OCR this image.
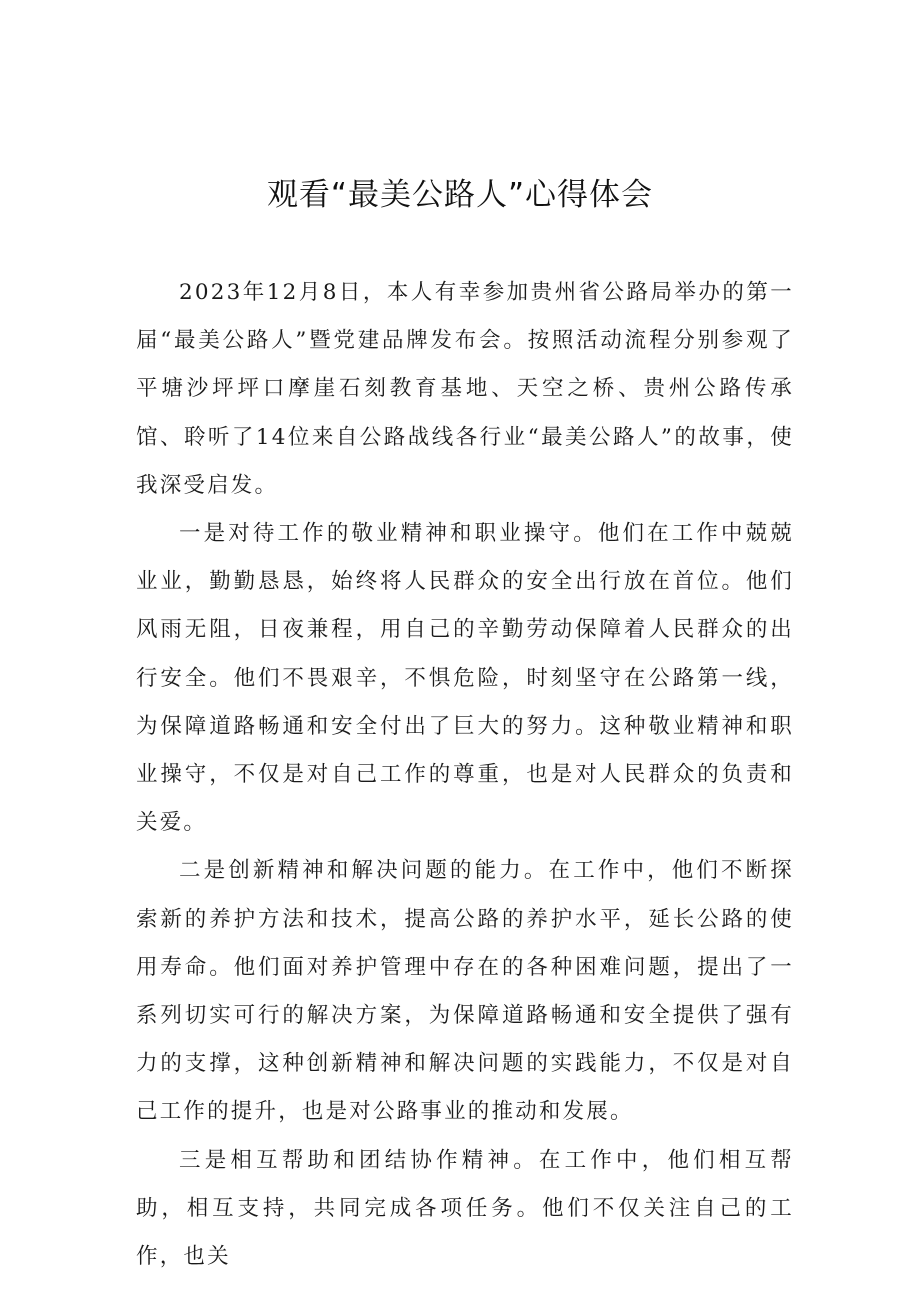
观看“最美公路人”心得体会

2023年12月8日，本人有幸参加贵州省公路局举办的第一届“最美公路人”暨党建品牌发布会。按照活动流程分别参观了平塘沙坪坪口摩崖石刻教育基地、天空之桥、贵州公路传承馆、聆听了14位来自公路战线各行业“最美公路人”的故事，使我深受启发。

一是对待工作的敬业精神和职业操守。他们在工作中兢兢业业，勤勤恳恳，始终将人民群众的安全出行放在首位。他们风雨无阻，日夜兼程，用自己的辛勤劳动保障着人民群众的出行安全。他们不畏艰辛，不惧危险，时刻坚守在公路第一线，为保障道路畅通和安全付出了巨大的努力。这种敬业精神和职业操守，不仅是对自己工作的尊重，也是对人民群众的负责和关爱。

二是创新精神和解决问题的能力。在工作中，他们不断探索新的养护方法和技术，提高公路的养护水平，延长公路的使用寿命。他们面对养护管理中存在的各种困难问题，提出了一系列切实可行的解决方案，为保障道路畅通和安全提供了强有力的支撑，这种创新精神和解决问题的实践能力，不仅是对自己工作的提升，也是对公路事业的推动和发展。

三是相互帮助和团结协作精神。在工作中，他们相互帮助，相互支持，共同完成各项任务。他们不仅关注自己的工作，也关
